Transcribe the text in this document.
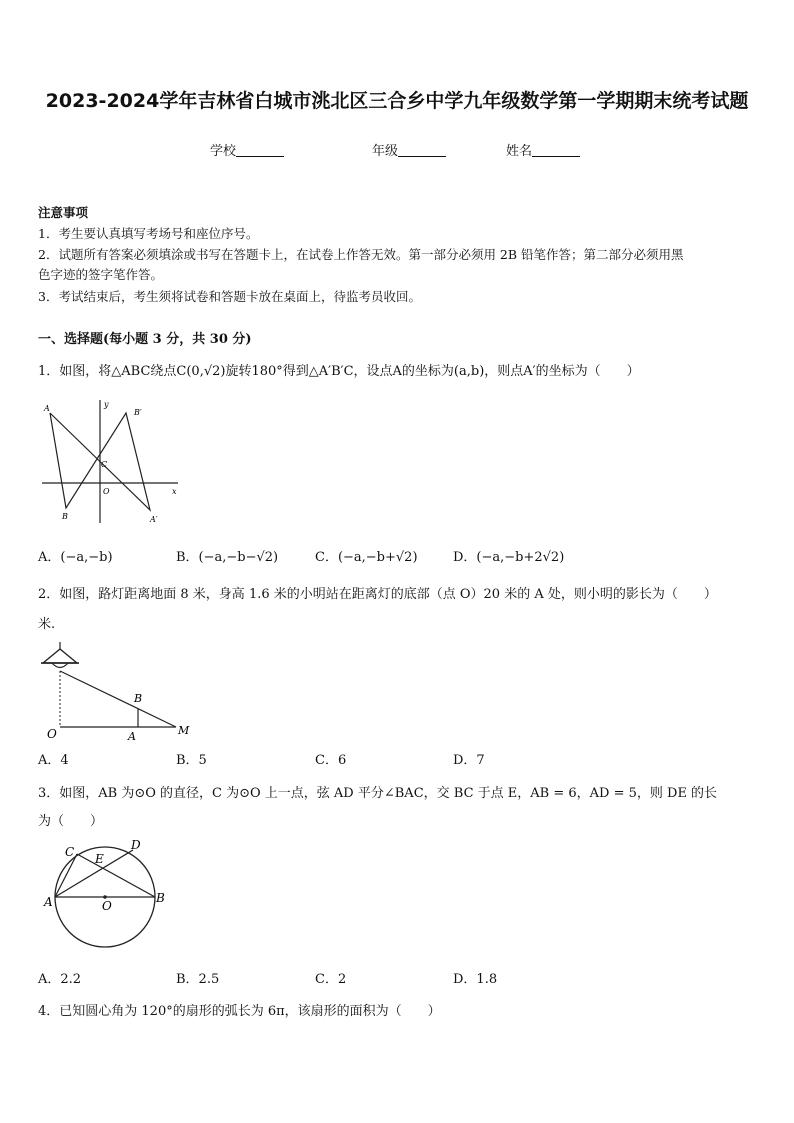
2023-2024学年吉林省白城市洮北区三合乡中学九年级数学第一学期期末统考试题
学校	年级	姓名
注意事项
1．考生要认真填写考场号和座位序号。
2．试题所有答案必须填涂或书写在答题卡上，在试卷上作答无效。第一部分必须用 2B 铅笔作答；第二部分必须用黑
色字迹的签字笔作答。
3．考试结束后，考生须将试卷和答题卡放在桌面上，待监考员收回。
一、选择题(每小题 3 分，共 30 分)
1．如图，将△ABC绕点C(0,√2)旋转180°得到△A′B′C，设点A的坐标为(a,b)，则点A′的坐标为（　　）
A
B
C
O
B′
A′
x
y
A．(−a,−b)	B．(−a,−b−√2)	C．(−a,−b+√2)	D．(−a,−b+2√2)
2．如图，路灯距离地面 8 米，身高 1.6 米的小明站在距离灯的底部（点 O）20 米的 A 处，则小明的影长为（　　）
米.
O	A
B
M
A．4	B．5	C．6	D．7
3．如图，AB 为⊙O 的直径，C 为⊙O 上一点，弦 AD 平分∠BAC，交 BC 于点 E，AB = 6，AD = 5，则 DE 的长
为（　　）
A	B
C	D
E
O
A．2.2	B．2.5	C．2	D．1.8
4．已知圆心角为 120°的扇形的弧长为 6π，该扇形的面积为（　　）
